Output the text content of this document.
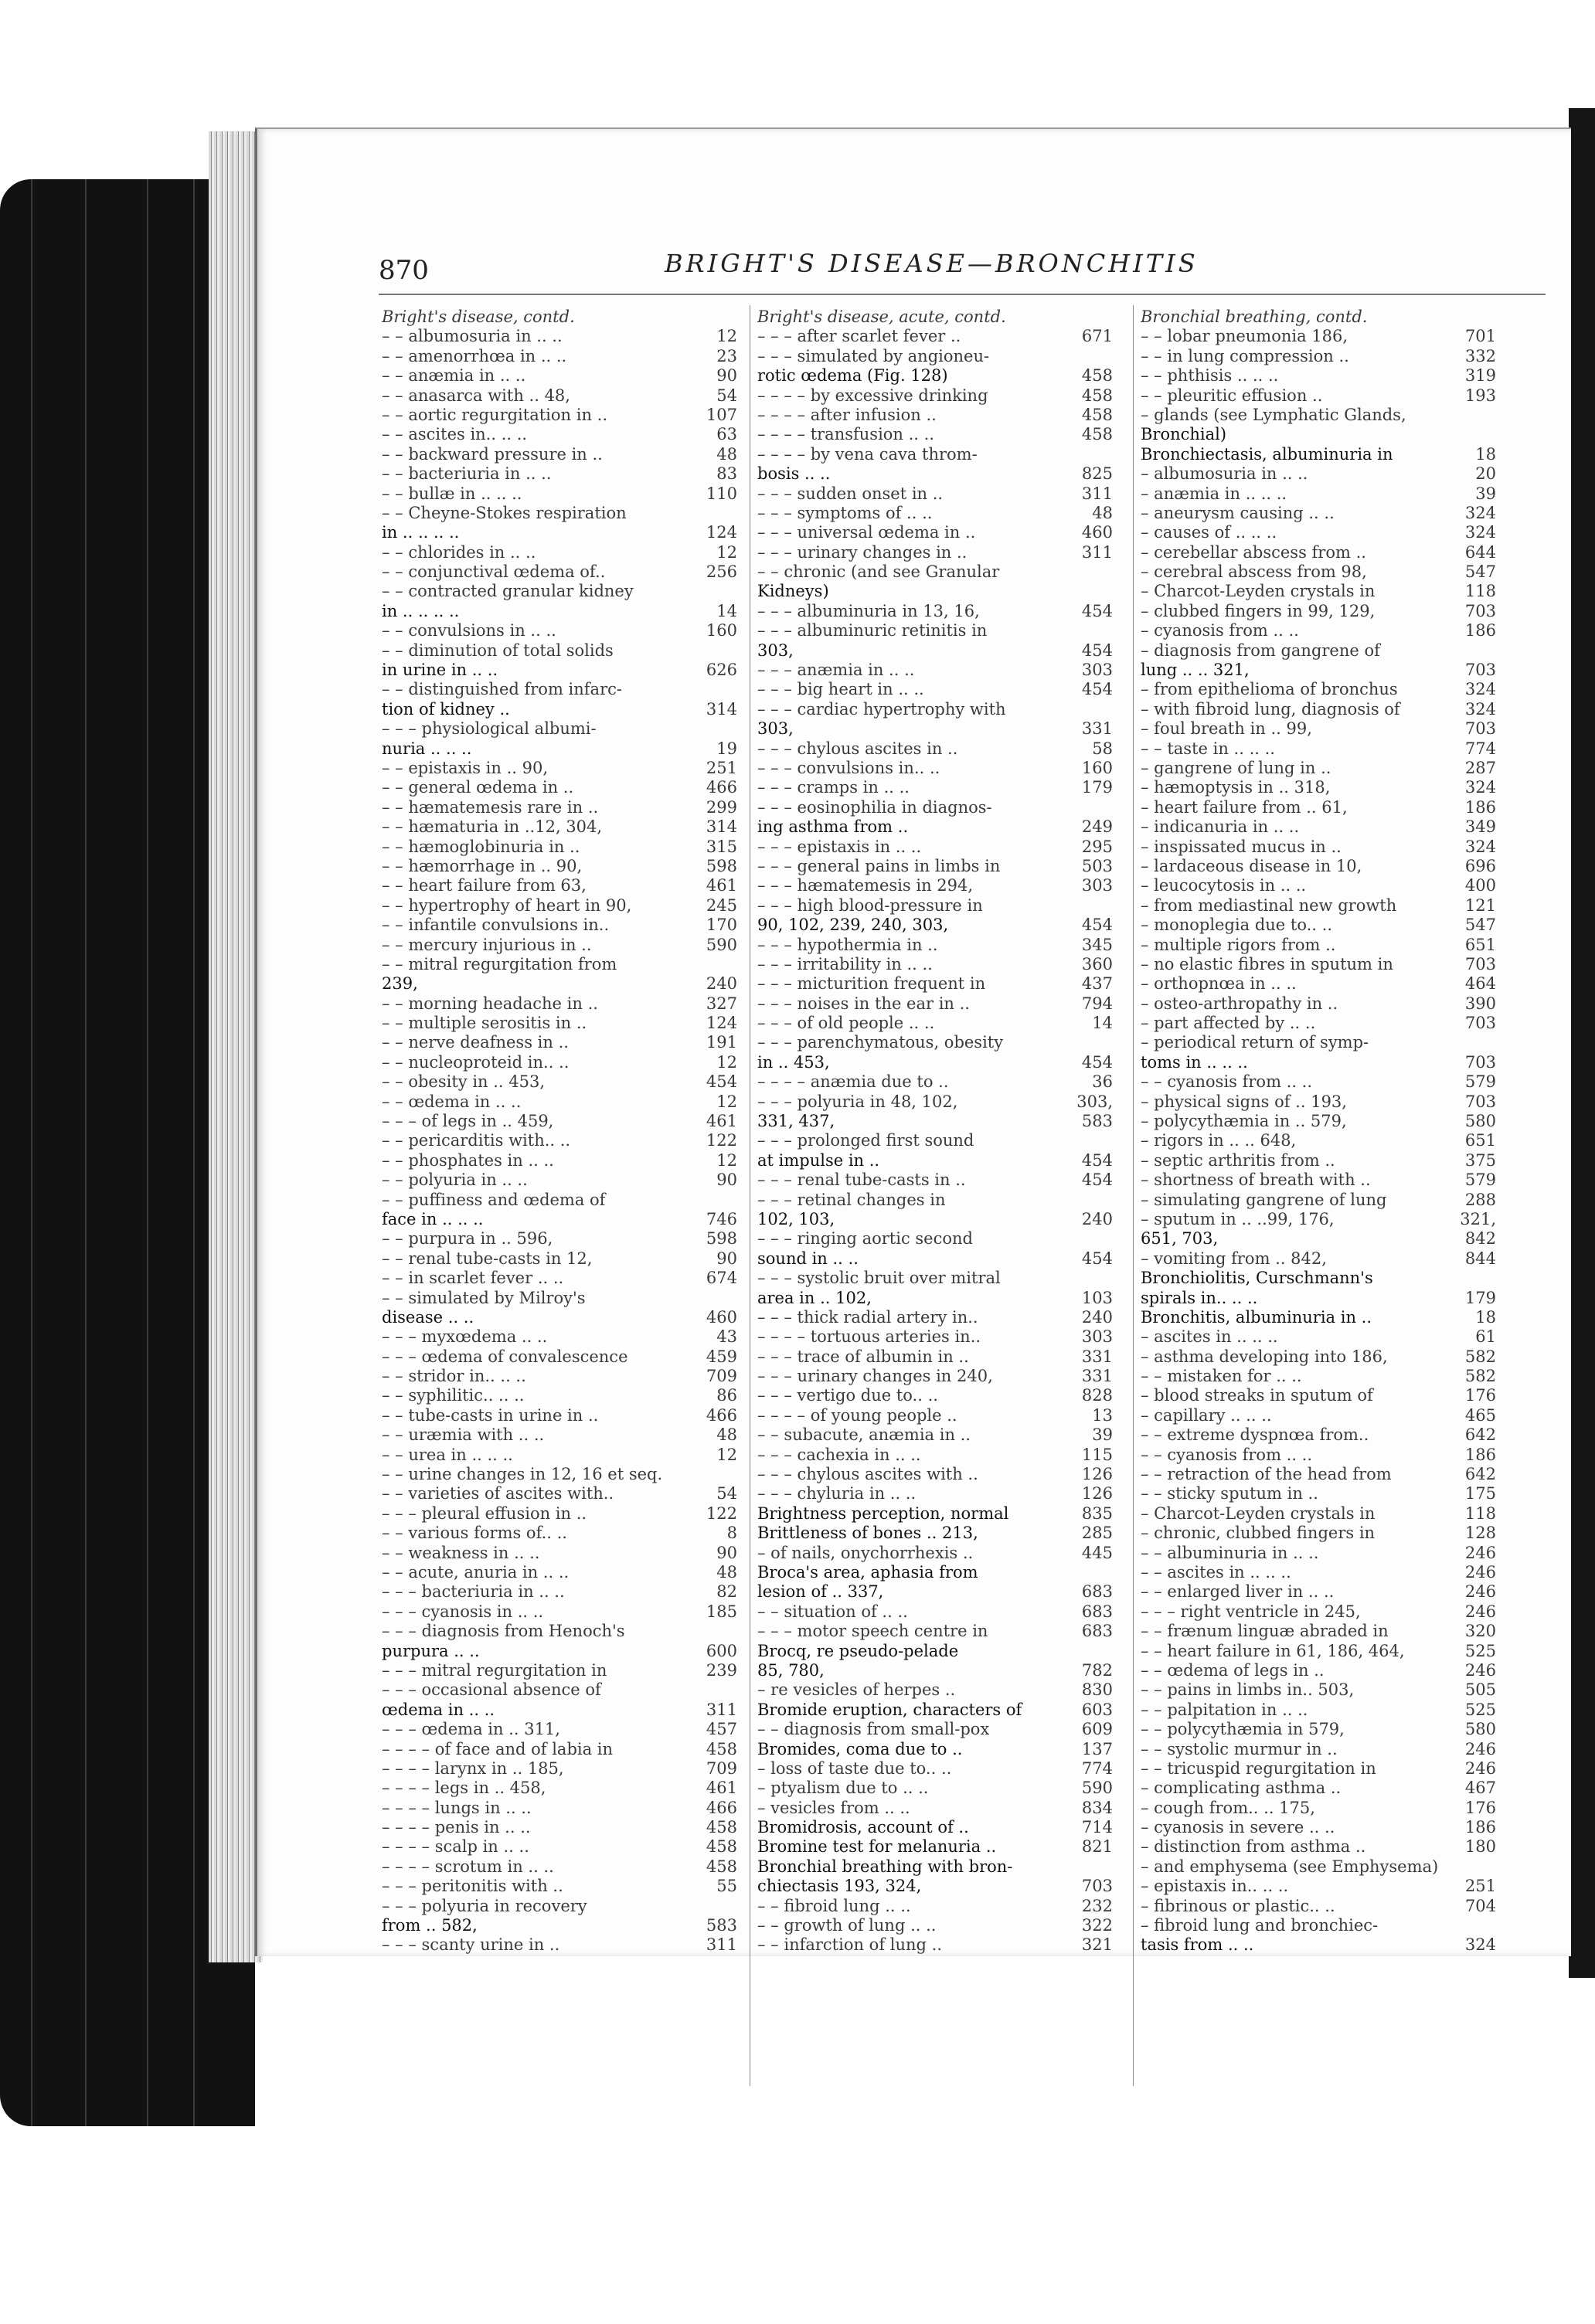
870	BRIGHT'S DISEASE—BRONCHITIS
Bright's disease, contd.
– – albumosuria in .. ..	12
– – amenorrhœa in .. ..	23
– – anæmia in .. ..	90
– – anasarca with .. 48,	54
– – aortic regurgitation in ..	107
– – ascites in.. .. ..	63
– – backward pressure in ..	48
– – bacteriuria in .. ..	83
– – bullæ in .. .. ..	110
– – Cheyne-Stokes respiration
in .. .. .. ..	124
– – chlorides in .. ..	12
– – conjunctival œdema of..	256
– – contracted granular kidney
in .. .. .. ..	14
– – convulsions in .. ..	160
– – diminution of total solids
in urine in .. ..	626
– – distinguished from infarc-
tion of kidney ..	314
– – – physiological albumi-
nuria .. .. ..	19
– – epistaxis in .. 90,	251
– – general œdema in ..	466
– – hæmatemesis rare in ..	299
– – hæmaturia in ..12, 304,	314
– – hæmoglobinuria in ..	315
– – hæmorrhage in .. 90,	598
– – heart failure from 63,	461
– – hypertrophy of heart in 90,	245
– – infantile convulsions in..	170
– – mercury injurious in ..	590
– – mitral regurgitation from
239,	240
– – morning headache in ..	327
– – multiple serositis in ..	124
– – nerve deafness in ..	191
– – nucleoproteid in.. ..	12
– – obesity in .. 453,	454
– – œdema in .. ..	12
– – – of legs in .. 459,	461
– – pericarditis with.. ..	122
– – phosphates in .. ..	12
– – polyuria in .. ..	90
– – puffiness and œdema of
face in .. .. ..	746
– – purpura in .. 596,	598
– – renal tube-casts in 12,	90
– – in scarlet fever .. ..	674
– – simulated by Milroy's
disease .. ..	460
– – – myxœdema .. ..	43
– – – œdema of convalescence	459
– – stridor in.. .. ..	709
– – syphilitic.. .. ..	86
– – tube-casts in urine in ..	466
– – uræmia with .. ..	48
– – urea in .. .. ..	12
– – urine changes in 12, 16 et seq.
– – varieties of ascites with..	54
– – – pleural effusion in ..	122
– – various forms of.. ..	8
– – weakness in .. ..	90
– – acute, anuria in .. ..	48
– – – bacteriuria in .. ..	82
– – – cyanosis in .. ..	185
– – – diagnosis from Henoch's
purpura .. ..	600
– – – mitral regurgitation in	239
– – – occasional absence of
œdema in .. ..	311
– – – œdema in .. 311,	457
– – – – of face and of labia in	458
– – – – larynx in .. 185,	709
– – – – legs in .. 458,	461
– – – – lungs in .. ..	466
– – – – penis in .. ..	458
– – – – scalp in .. ..	458
– – – – scrotum in .. ..	458
– – – peritonitis with ..	55
– – – polyuria in recovery
from .. 582,	583
– – – scanty urine in ..	311
Bright's disease, acute, contd.
– – – after scarlet fever ..	671
– – – simulated by angioneu-
rotic œdema (Fig. 128)	458
– – – – by excessive drinking	458
– – – – after infusion ..	458
– – – – transfusion .. ..	458
– – – – by vena cava throm-
bosis .. ..	825
– – – sudden onset in ..	311
– – – symptoms of .. ..	48
– – – universal œdema in ..	460
– – – urinary changes in ..	311
– – chronic (and see Granular
Kidneys)
– – – albuminuria in 13, 16,	454
– – – albuminuric retinitis in
303,	454
– – – anæmia in .. ..	303
– – – big heart in .. ..	454
– – – cardiac hypertrophy with
303,	331
– – – chylous ascites in ..	58
– – – convulsions in.. ..	160
– – – cramps in .. ..	179
– – – eosinophilia in diagnos-
ing asthma from ..	249
– – – epistaxis in .. ..	295
– – – general pains in limbs in	503
– – – hæmatemesis in 294,	303
– – – high blood-pressure in
90, 102, 239, 240, 303,	454
– – – hypothermia in ..	345
– – – irritability in .. ..	360
– – – micturition frequent in	437
– – – noises in the ear in ..	794
– – – of old people .. ..	14
– – – parenchymatous, obesity
in .. 453,	454
– – – – anæmia due to ..	36
– – – polyuria in 48, 102,	303,
331, 437,	583
– – – prolonged first sound
at impulse in ..	454
– – – renal tube-casts in ..	454
– – – retinal changes in
102, 103,	240
– – – ringing aortic second
sound in .. ..	454
– – – systolic bruit over mitral
area in .. 102,	103
– – – thick radial artery in..	240
– – – – tortuous arteries in..	303
– – – trace of albumin in ..	331
– – – urinary changes in 240,	331
– – – vertigo due to.. ..	828
– – – – of young people ..	13
– – subacute, anæmia in ..	39
– – – cachexia in .. ..	115
– – – chylous ascites with ..	126
– – – chyluria in .. ..	126
Brightness perception, normal	835
Brittleness of bones .. 213,	285
– of nails, onychorrhexis ..	445
Broca's area, aphasia from
lesion of .. 337,	683
– – situation of .. ..	683
– – – motor speech centre in	683
Brocq, re pseudo-pelade
85, 780,	782
– re vesicles of herpes ..	830
Bromide eruption, characters of	603
– – diagnosis from small-pox	609
Bromides, coma due to ..	137
– loss of taste due to.. ..	774
– ptyalism due to .. ..	590
– vesicles from .. ..	834
Bromidrosis, account of ..	714
Bromine test for melanuria ..	821
Bronchial breathing with bron-
chiectasis 193, 324,	703
– – fibroid lung .. ..	232
– – growth of lung .. ..	322
– – infarction of lung ..	321
Bronchial breathing, contd.
– – lobar pneumonia 186,	701
– – in lung compression ..	332
– – phthisis .. .. ..	319
– – pleuritic effusion ..	193
– glands (see Lymphatic Glands,
Bronchial)
Bronchiectasis, albuminuria in	18
– albumosuria in .. ..	20
– anæmia in .. .. ..	39
– aneurysm causing .. ..	324
– causes of .. .. ..	324
– cerebellar abscess from ..	644
– cerebral abscess from 98,	547
– Charcot-Leyden crystals in	118
– clubbed fingers in 99, 129,	703
– cyanosis from .. ..	186
– diagnosis from gangrene of
lung .. .. 321,	703
– from epithelioma of bronchus	324
– with fibroid lung, diagnosis of	324
– foul breath in .. 99,	703
– – taste in .. .. ..	774
– gangrene of lung in ..	287
– hæmoptysis in .. 318,	324
– heart failure from .. 61,	186
– indicanuria in .. ..	349
– inspissated mucus in ..	324
– lardaceous disease in 10,	696
– leucocytosis in .. ..	400
– from mediastinal new growth	121
– monoplegia due to.. ..	547
– multiple rigors from ..	651
– no elastic fibres in sputum in	703
– orthopnœa in .. ..	464
– osteo-arthropathy in ..	390
– part affected by .. ..	703
– periodical return of symp-
toms in .. .. ..	703
– – cyanosis from .. ..	579
– physical signs of .. 193,	703
– polycythæmia in .. 579,	580
– rigors in .. .. 648,	651
– septic arthritis from ..	375
– shortness of breath with ..	579
– simulating gangrene of lung	288
– sputum in .. ..99, 176,	321,
651, 703,	842
– vomiting from .. 842,	844
Bronchiolitis, Curschmann's
spirals in.. .. ..	179
Bronchitis, albuminuria in ..	18
– ascites in .. .. ..	61
– asthma developing into 186,	582
– – mistaken for .. ..	582
– blood streaks in sputum of	176
– capillary .. .. ..	465
– – extreme dyspnœa from..	642
– – cyanosis from .. ..	186
– – retraction of the head from	642
– – sticky sputum in ..	175
– Charcot-Leyden crystals in	118
– chronic, clubbed fingers in	128
– – albuminuria in .. ..	246
– – ascites in .. .. ..	246
– – enlarged liver in .. ..	246
– – – right ventricle in 245,	246
– – frænum linguæ abraded in	320
– – heart failure in 61, 186, 464,	525
– – œdema of legs in ..	246
– – pains in limbs in.. 503,	505
– – palpitation in .. ..	525
– – polycythæmia in 579,	580
– – systolic murmur in ..	246
– – tricuspid regurgitation in	246
– complicating asthma ..	467
– cough from.. .. 175,	176
– cyanosis in severe .. ..	186
– distinction from asthma ..	180
– and emphysema (see Emphysema)
– epistaxis in.. .. ..	251
– fibrinous or plastic.. ..	704
– fibroid lung and bronchiec-
tasis from .. ..	324
